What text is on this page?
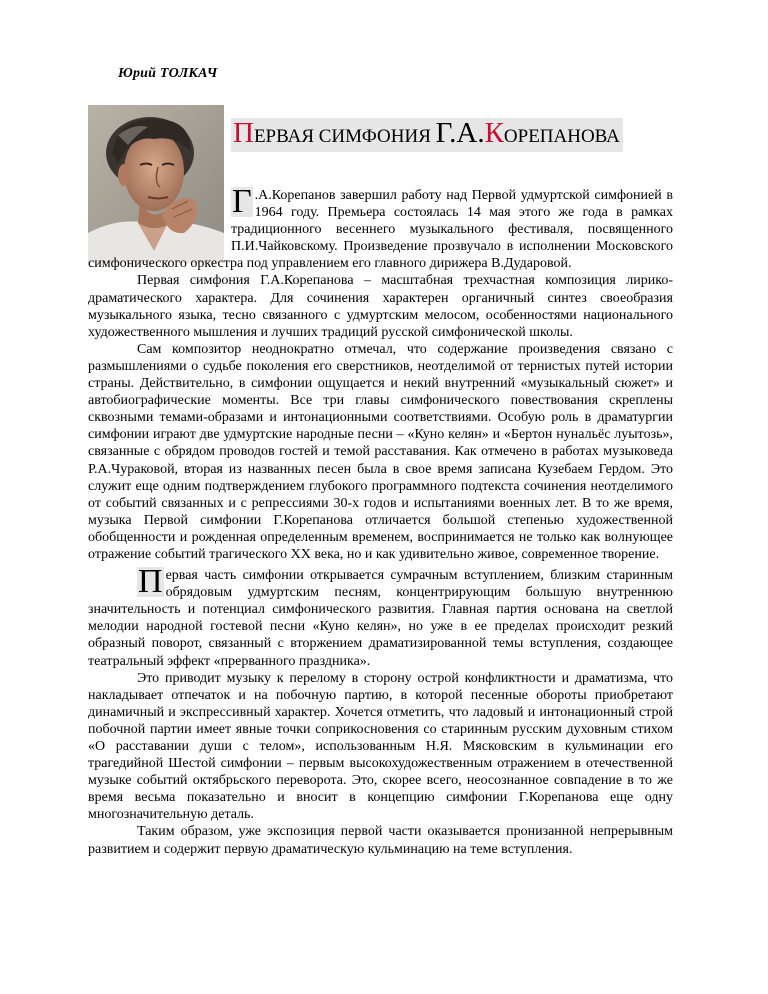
Юрий ТОЛКАЧ
ПЕРВАЯ СИМФОНИЯ Г.А.КОРЕПАНОВА

Г .А.Корепанов завершил работу над Первой удмуртской симфонией в 1964 году. Премьера состоялась 14 мая этого же года в рамках традиционного весеннего музыкального фестиваля, посвященного П.И.Чайковскому. Произведение прозвучало в исполнении Московского симфонического оркестра под управлением его главного дирижера В.Дударовой.

Первая симфония Г.А.Корепанова – масштабная трехчастная композиция лирико-драматического характера. Для сочинения характерен органичный синтез своеобразия музыкального языка, тесно связанного с удмуртским мелосом, особенностями национального художественного мышления и лучших традиций русской симфонической школы.

Сам композитор неоднократно отмечал, что содержание произведения связано с размышлениями о судьбе поколения его сверстников, неотделимой от тернистых путей истории страны. Действительно, в симфонии ощущается и некий внутренний «музыкальный сюжет» и автобиографические моменты. Все три главы симфонического повествования скреплены сквозными темами-образами и интонационными соответствиями. Особую роль в драматургии симфонии играют две удмуртские народные песни – «Куно келян» и «Бертон нунальёс луытозь», связанные с обрядом проводов гостей и темой расставания. Как отмечено в работах музыковеда Р.А.Чураковой, вторая из названных песен была в свое время записана Кузебаем Гердом. Это служит еще одним подтверждением глубокого программного подтекста сочинения неотделимого от событий связанных и с репрессиями 30-х годов и испытаниями военных лет. В то же время, музыка Первой симфонии Г.Корепанова отличается большой степенью художественной обобщенности и рожденная определенным временем, воспринимается не только как волнующее отражение событий трагического XX века, но и как удивительно живое, современное творение.

П ервая часть симфонии открывается сумрачным вступлением, близким старинным обрядовым удмуртским песням, концентрирующим большую внутреннюю значительность и потенциал симфонического развития. Главная партия основана на светлой мелодии народной гостевой песни «Куно келян», но уже в ее пределах происходит резкий образный поворот, связанный с вторжением драматизированной темы вступления, создающее театральный эффект «прерванного праздника».

Это приводит музыку к перелому в сторону острой конфликтности и драматизма, что накладывает отпечаток и на побочную партию, в которой песенные обороты приобретают динамичный и экспрессивный характер. Хочется отметить, что ладовый и интонационный строй побочной партии имеет явные точки соприкосновения со старинным русским духовным стихом «О расставании души с телом», использованным Н.Я. Мясковским в кульминации его трагедийной Шестой симфонии – первым высокохудожественным отражением в отечественной музыке событий октябрьского переворота. Это, скорее всего, неосознанное совпадение в то же время весьма показательно и вносит в концепцию симфонии Г.Корепанова еще одну многозначительную деталь.

Таким образом, уже экспозиция первой части оказывается пронизанной непрерывным развитием и содержит первую драматическую кульминацию на теме вступления.
